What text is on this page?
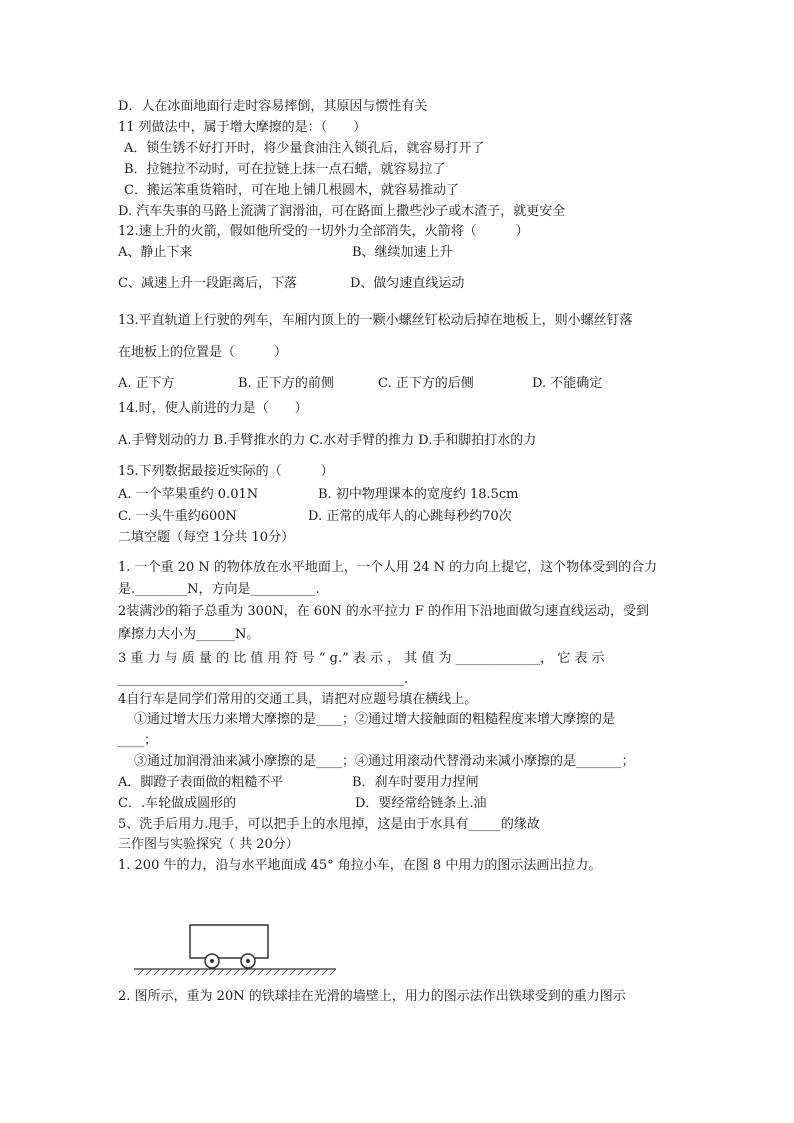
D．人在冰面地面行走时容易摔倒，其原因与惯性有关
11 列做法中，属于增大摩擦的是：（　　）
A．锁生锈不好打开时，将少量食油注入锁孔后，就容易打开了
B．拉链拉不动时，可在拉链上抹一点石蜡，就容易拉了
C．搬运笨重货箱时，可在地上铺几根圆木，就容易推动了
D. 汽车失事的马路上流满了润滑油，可在路面上撒些沙子或木渣子，就更安全
12.速上升的火箭，假如他所受的一切外力全部消失，火箭将（　　　）
A、静止下来	B、继续加速上升
C、减速上升一段距离后，下落	D、做匀速直线运动
13.平直轨道上行驶的列车，车厢内顶上的一颗小螺丝钉松动后掉在地板上，则小螺丝钉落
在地板上的位置是（　　　）
A. 正下方	B. 正下方的前侧	C. 正下方的后侧	D. 不能确定
14.时，使人前进的力是（　　）
A.手臂划动的力 B.手臂推水的力 C.水对手臂的推力 D.手和脚拍打水的力
15.下列数据最接近实际的（　　　）
A. 一个苹果重约 0.01N	B. 初中物理课本的宽度约 18.5cm
C. 一头牛重约600N	D. 正常的成年人的心跳每秒约70次
二填空题（每空 1分共 10分）
1. 一个重 20 N 的物体放在水平地面上，一个人用 24 N 的力向上提它，这个物体受到的合力
是.________N，方向是__________.
2装满沙的箱子总重为 300N，在 60N 的水平拉力 F 的作用下沿地面做匀速直线运动，受到
摩擦力大小为______N。
3 重 力 与 质 量 的 比 值 用 符 号 “ g.” 表 示 ， 其 值 为 _____________， 它 表 示
____________________________________________.
4自行车是同学们常用的交通工具，请把对应题号填在横线上。
①通过增大压力来增大摩擦的是____；②通过增大接触面的粗糙程度来增大摩擦的是
____；
③通过加润滑油来减小摩擦的是____；④通过用滚动代替滑动来减小摩擦的是_______；
A．脚蹬子表面做的粗糙不平	B．刹车时要用力捏闸
C．.车轮做成圆形的	D．要经常给链条上.油
5、洗手后用力.甩手，可以把手上的水甩掉，这是由于水具有_____的缘故
三作图与实验探究（ 共 20分）
1. 200 牛的力，沿与水平地面成 45° 角拉小车，在图 8 中用力的图示法画出拉力。
2. 图所示，重为 20N 的铁球挂在光滑的墙壁上，用力的图示法作出铁球受到的重力图示
